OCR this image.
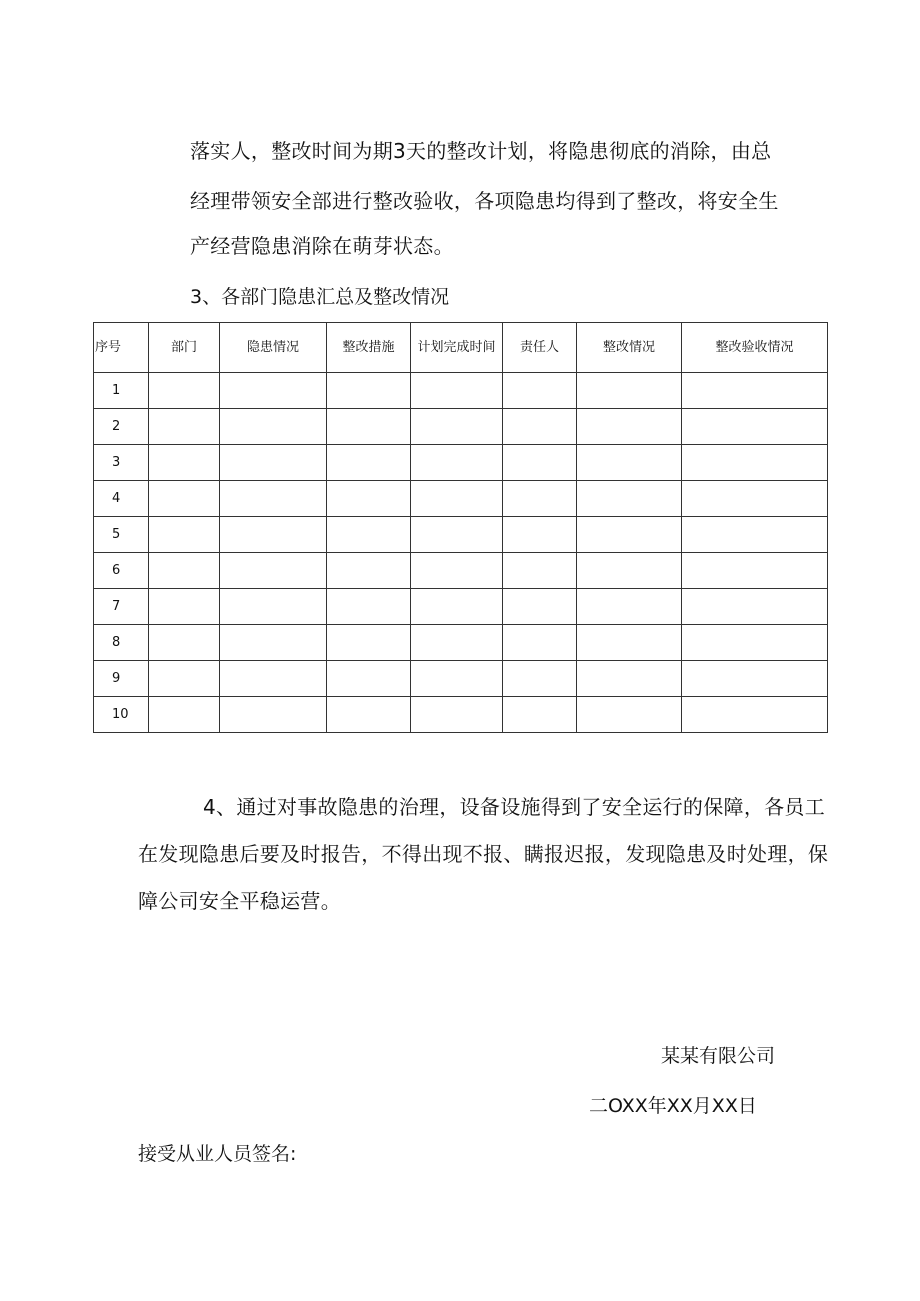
落实人，整改时间为期3天的整改计划，将隐患彻底的消除，由总
经理带领安全部进行整改验收，各项隐患均得到了整改，将安全生
产经营隐患消除在萌芽状态。
3、各部门隐患汇总及整改情况
序号	部门	隐患情况	整改措施	计划完成时间	责任人	整改情况	整改验收情况
1							
2							
3							
4							
5							
6							
7							
8							
9							
10							
4、通过对事故隐患的治理，设备设施得到了安全运行的保障，各员工
在发现隐患后要及时报告，不得出现不报、瞒报迟报，发现隐患及时处理，保
障公司安全平稳运营。
某某有限公司
二OXX年XX月XX日
接受从业人员签名:
